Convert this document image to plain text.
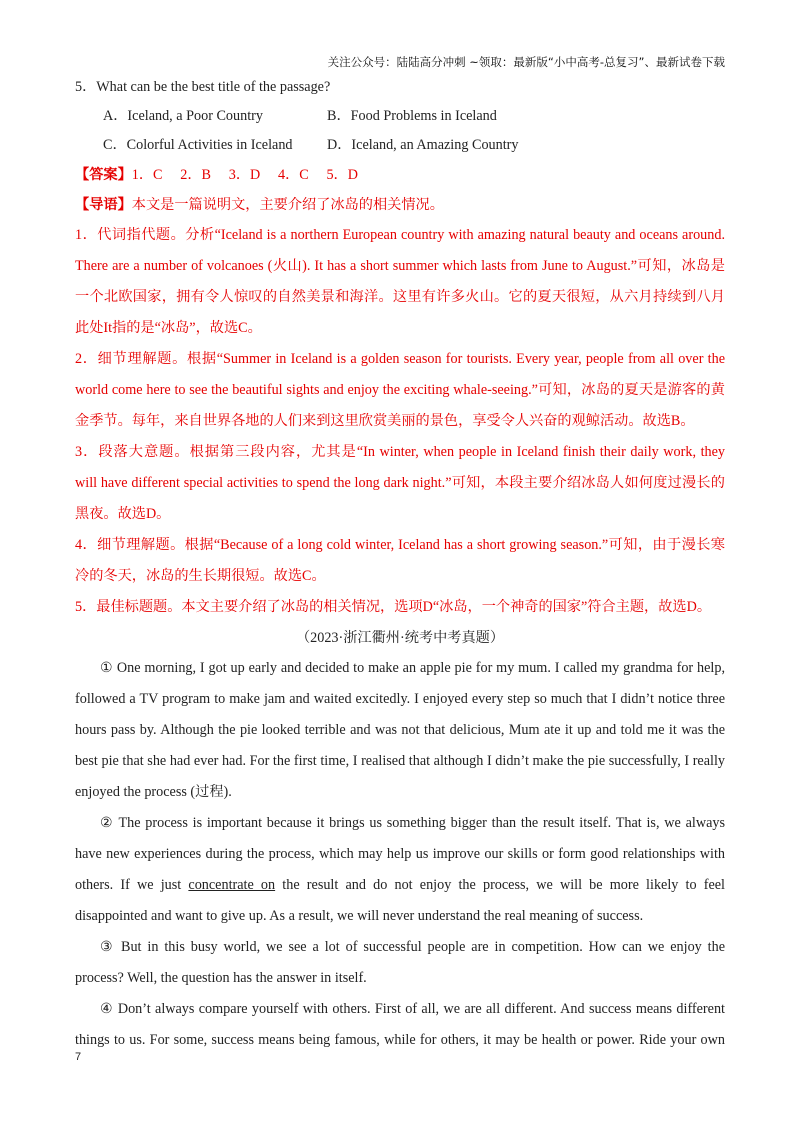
关注公众号：陆陆高分冲刺 ~领取：最新版“小中高考-总复习”、最新试卷下载
5．What can be the best title of the passage?
A．Iceland, a Poor Country	B．Food Problems in Iceland
C．Colorful Activities in Iceland	D．Iceland, an Amazing Country
【答案】1．C　 2．B　 3．D　 4．C　 5．D
【导语】本文是一篇说明文，主要介绍了冰岛的相关情况。
1．代词指代题。分析“Iceland is a northern European country with amazing natural beauty and oceans around.
There are a number of volcanoes (火山). It has a short summer which lasts from June to August.”可知，冰岛是
一个北欧国家，拥有令人惊叹的自然美景和海洋。这里有许多火山。它的夏天很短，从六月持续到八月
此处It指的是“冰岛”，故选C。
2．细节理解题。根据“Summer in Iceland is a golden season for tourists. Every year, people from all over the
world come here to see the beautiful sights and enjoy the exciting whale-seeing.”可知，冰岛的夏天是游客的黄
金季节。每年，来自世界各地的人们来到这里欣赏美丽的景色，享受令人兴奋的观鲸活动。故选B。
3．段落大意题。根据第三段内容，尤其是“In winter, when people in Iceland finish their daily work, they
will have different special activities to spend the long dark night.”可知，本段主要介绍冰岛人如何度过漫长的
黑夜。故选D。
4．细节理解题。根据“Because of a long cold winter, Iceland has a short growing season.”可知，由于漫长寒
冷的冬天，冰岛的生长期很短。故选C。
5．最佳标题题。本文主要介绍了冰岛的相关情况，选项D“冰岛，一个神奇的国家”符合主题，故选D。
（2023·浙江衢州·统考中考真题）
① One morning, I got up early and decided to make an apple pie for my mum. I called my grandma for help,
followed a TV program to make jam and waited excitedly. I enjoyed every step so much that I didn’t notice three
hours pass by. Although the pie looked terrible and was not that delicious, Mum ate it up and told me it was the
best pie that she had ever had. For the first time, I realised that although I didn’t make the pie successfully, I really
enjoyed the process (过程).
② The process is important because it brings us something bigger than the result itself. That is, we always
have new experiences during the process, which may help us improve our skills or form good relationships with
others. If we just concentrate on the result and do not enjoy the process, we will be more likely to feel
disappointed and want to give up. As a result, we will never understand the real meaning of success.
③ But in this busy world, we see a lot of successful people are in competition. How can we enjoy the
process? Well, the question has the answer in itself.
④ Don’t always compare yourself with others. First of all, we are all different. And success means different
things to us. For some, success means being famous, while for others, it may be health or power. Ride your own
7
